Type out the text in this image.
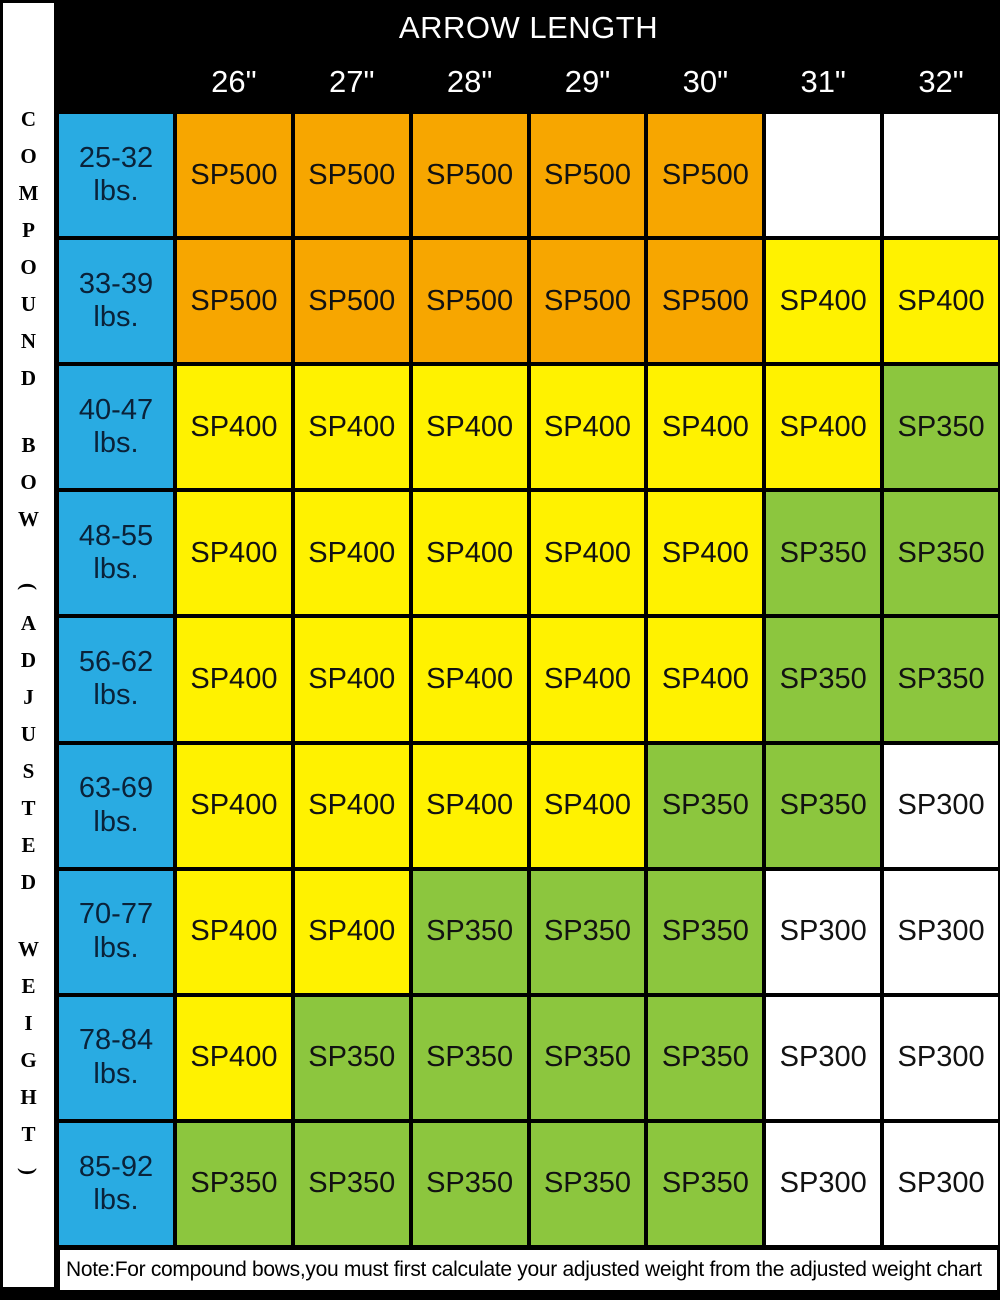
C
O
M
P
O
U
N
D
B
O
W
(
A
D
J
U
S
T
E
D
W
E
I
G
H
T
)
ARROW LENGTH
26"	27"	28"	29"	30"	31"	32"
25-32
lbs.
SP500	SP500	SP500	SP500	SP500
33-39
lbs.
SP500	SP500	SP500	SP500	SP500	SP400	SP400
40-47
lbs.
SP400	SP400	SP400	SP400	SP400	SP400	SP350
48-55
lbs.
SP400	SP400	SP400	SP400	SP400	SP350	SP350
56-62
lbs.
SP400	SP400	SP400	SP400	SP400	SP350	SP350
63-69
lbs.
SP400	SP400	SP400	SP400	SP350	SP350	SP300
70-77
lbs.
SP400	SP400	SP350	SP350	SP350	SP300	SP300
78-84
lbs.
SP400	SP350	SP350	SP350	SP350	SP300	SP300
85-92
lbs.
SP350	SP350	SP350	SP350	SP350	SP300	SP300
Note:For compound bows,you must first calculate your adjusted weight from the adjusted weight chart
